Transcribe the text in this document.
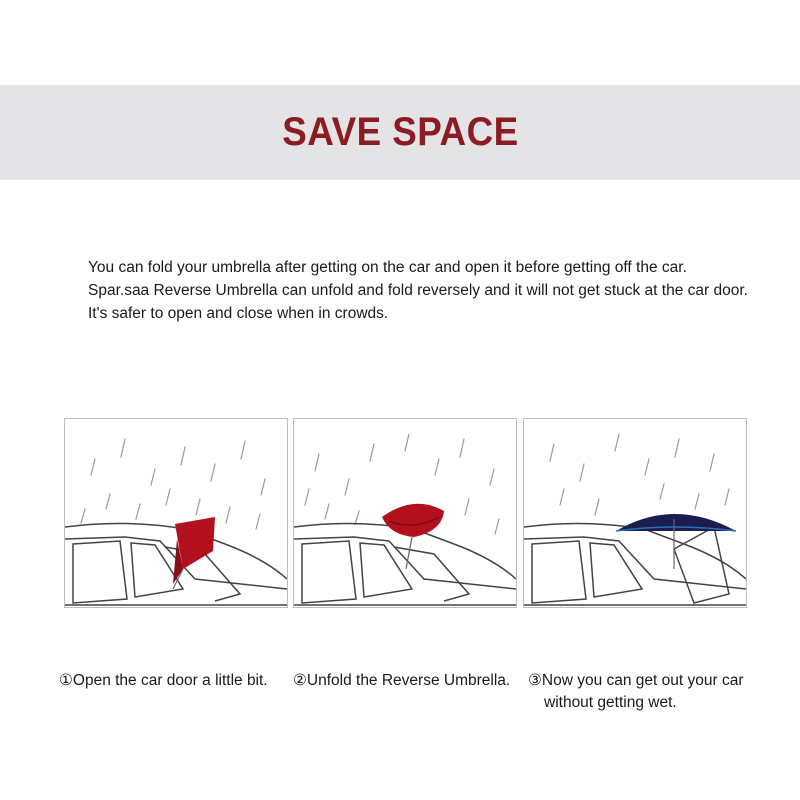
SAVE SPACE

You can fold your umbrella after getting on the car and open it before getting off the car.

Spar.saa Reverse Umbrella can unfold and fold reversely and it will not get stuck at the car door.

It's safer to open and close when in crowds.

①Open the car door a little bit. ②Unfold the Reverse Umbrella. ③Now you can get out your car
without getting wet.
